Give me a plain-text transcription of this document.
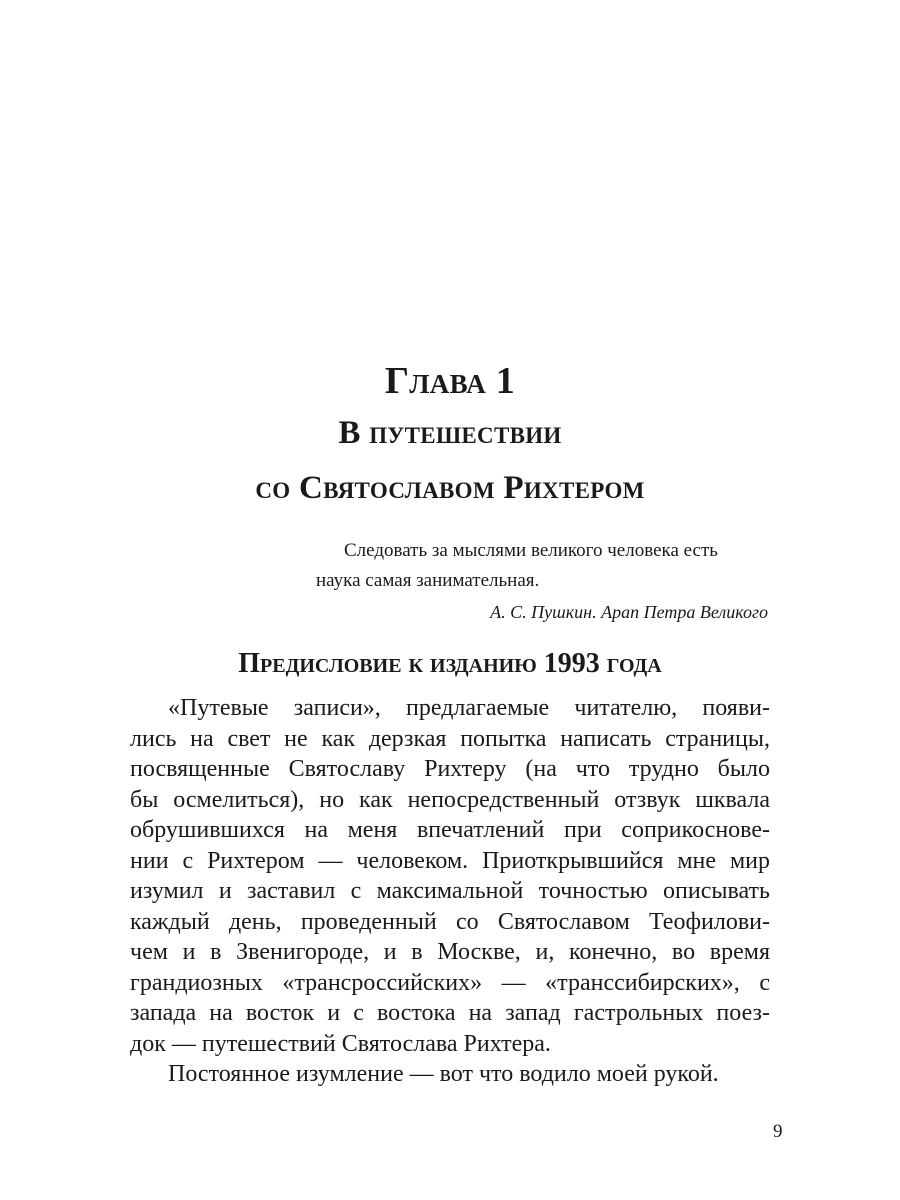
Глава 1
В путешествии
со Святославом Рихтером
Следовать за мыслями великого человека есть
наука самая занимательная.
А. С. Пушкин. Арап Петра Великого
Предисловие к изданию 1993 года
«Путевые записи», предлагаемые читателю, появи-
лись на свет не как дерзкая попытка написать страницы,
посвященные Святославу Рихтеру (на что трудно было
бы осмелиться), но как непосредственный отзвук шквала
обрушившихся на меня впечатлений при соприкоснове-
нии с Рихтером — человеком. Приоткрывшийся мне мир
изумил и заставил с максимальной точностью описывать
каждый день, проведенный со Святославом Теофилови-
чем и в Звенигороде, и в Москве, и, конечно, во время
грандиозных «трансроссийских» — «транссибирских», с
запада на восток и с востока на запад гастрольных поез-
док — путешествий Святослава Рихтера.
Постоянное изумление — вот что водило моей рукой.
9
